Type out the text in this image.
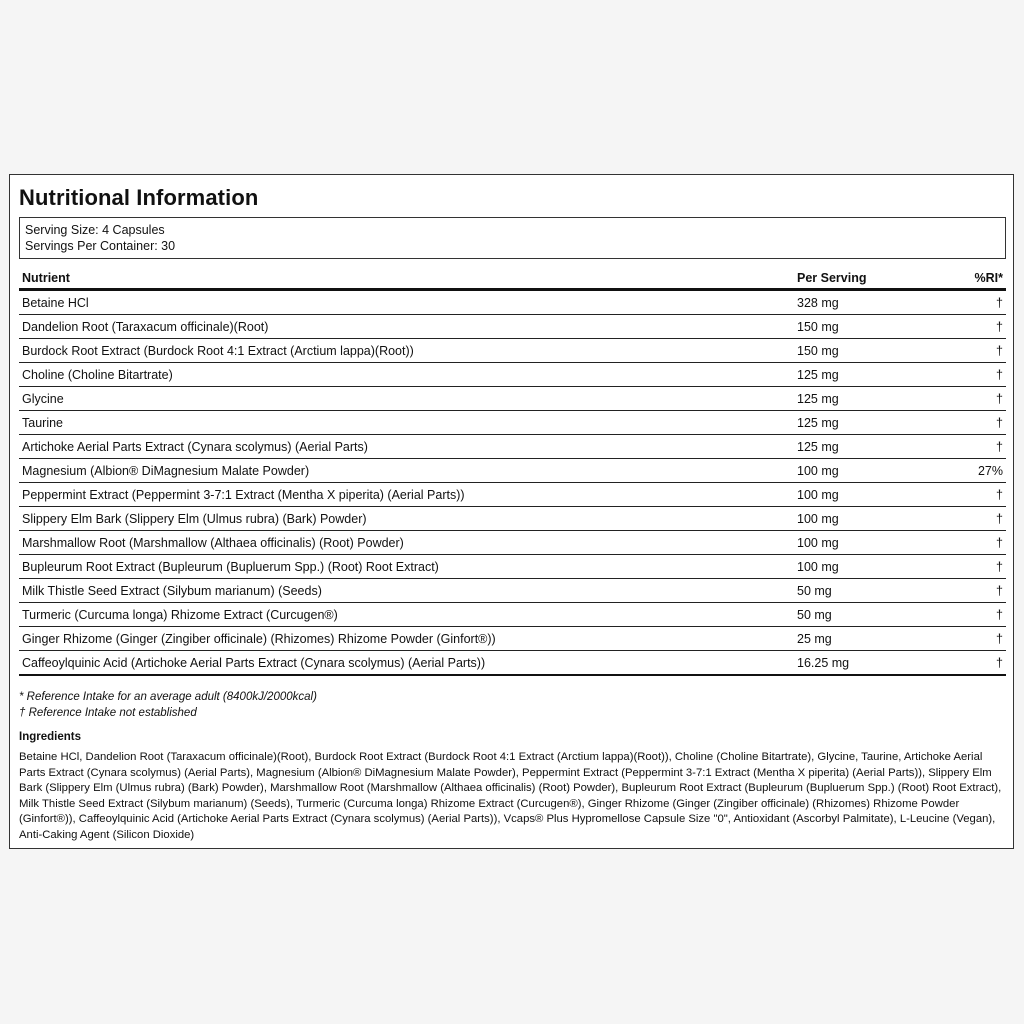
Nutritional Information
Serving Size: 4 Capsules
Servings Per Container: 30
Nutrient	Per Serving	%RI*
Betaine HCl	328 mg	†
Dandelion Root (Taraxacum officinale)(Root)	150 mg	†
Burdock Root Extract (Burdock Root 4:1 Extract (Arctium lappa)(Root))	150 mg	†
Choline (Choline Bitartrate)	125 mg	†
Glycine	125 mg	†
Taurine	125 mg	†
Artichoke Aerial Parts Extract (Cynara scolymus) (Aerial Parts)	125 mg	†
Magnesium (Albion® DiMagnesium Malate Powder)	100 mg	27%
Peppermint Extract (Peppermint 3-7:1 Extract (Mentha X piperita) (Aerial Parts))	100 mg	†
Slippery Elm Bark (Slippery Elm (Ulmus rubra) (Bark) Powder)	100 mg	†
Marshmallow Root (Marshmallow (Althaea officinalis) (Root) Powder)	100 mg	†
Bupleurum Root Extract (Bupleurum (Bupluerum Spp.) (Root) Root Extract)	100 mg	†
Milk Thistle Seed Extract (Silybum marianum) (Seeds)	50 mg	†
Turmeric (Curcuma longa) Rhizome Extract (Curcugen®)	50 mg	†
Ginger Rhizome (Ginger (Zingiber officinale) (Rhizomes) Rhizome Powder (Ginfort®))	25 mg	†
Caffeoylquinic Acid (Artichoke Aerial Parts Extract (Cynara scolymus) (Aerial Parts))	16.25 mg	†
* Reference Intake for an average adult (8400kJ/2000kcal)
† Reference Intake not established
Ingredients
Betaine HCl, Dandelion Root (Taraxacum officinale)(Root), Burdock Root Extract (Burdock Root 4:1 Extract (Arctium lappa)(Root)), Choline (Choline Bitartrate), Glycine, Taurine, Artichoke Aerial Parts Extract (Cynara scolymus) (Aerial Parts), Magnesium (Albion® DiMagnesium Malate Powder), Peppermint Extract (Peppermint 3-7:1 Extract (Mentha X piperita) (Aerial Parts)), Slippery Elm Bark (Slippery Elm (Ulmus rubra) (Bark) Powder), Marshmallow Root (Marshmallow (Althaea officinalis) (Root) Powder), Bupleurum Root Extract (Bupleurum (Bupluerum Spp.) (Root) Root Extract), Milk Thistle Seed Extract (Silybum marianum) (Seeds), Turmeric (Curcuma longa) Rhizome Extract (Curcugen®), Ginger Rhizome (Ginger (Zingiber officinale) (Rhizomes) Rhizome Powder (Ginfort®)), Caffeoylquinic Acid (Artichoke Aerial Parts Extract (Cynara scolymus) (Aerial Parts)), Vcaps® Plus Hypromellose Capsule Size "0", Antioxidant (Ascorbyl Palmitate), L-Leucine (Vegan), Anti-Caking Agent (Silicon Dioxide)
